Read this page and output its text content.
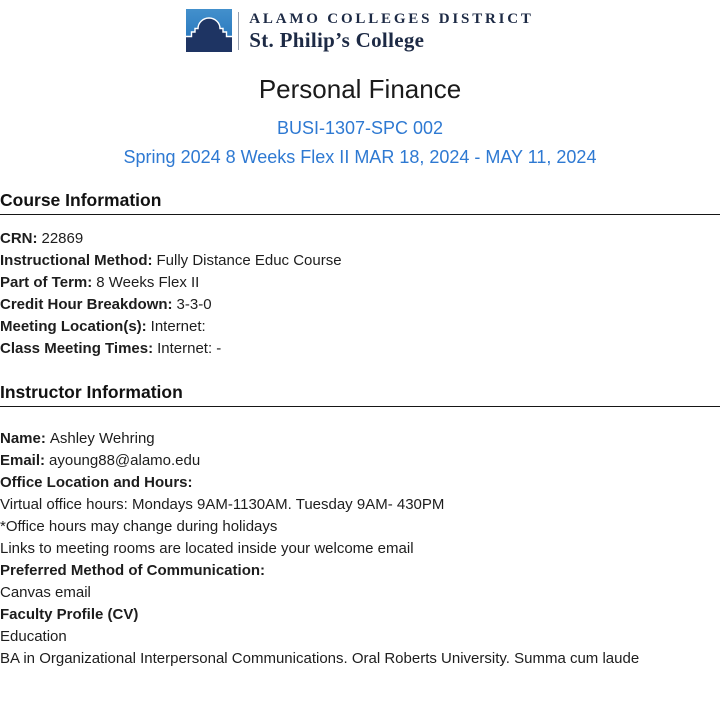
ALAMO COLLEGES DISTRICT
St. Philip’s College
Personal Finance
BUSI-1307-SPC 002
Spring 2024 8 Weeks Flex II MAR 18, 2024 - MAY 11, 2024
Course Information

CRN: 22869

Instructional Method: Fully Distance Educ Course

Part of Term: 8 Weeks Flex II

Credit Hour Breakdown: 3-3-0

Meeting Location(s): Internet:

Class Meeting Times: Internet: -

Instructor Information

Name: Ashley Wehring

Email: ayoung88@alamo.edu

Office Location and Hours:

Virtual office hours: Mondays 9AM-1130AM. Tuesday 9AM- 430PM

*Office hours may change during holidays

Links to meeting rooms are located inside your welcome email

Preferred Method of Communication:

Canvas email

Faculty Profile (CV)

Education

BA in Organizational Interpersonal Communications. Oral Roberts University. Summa cum laude
